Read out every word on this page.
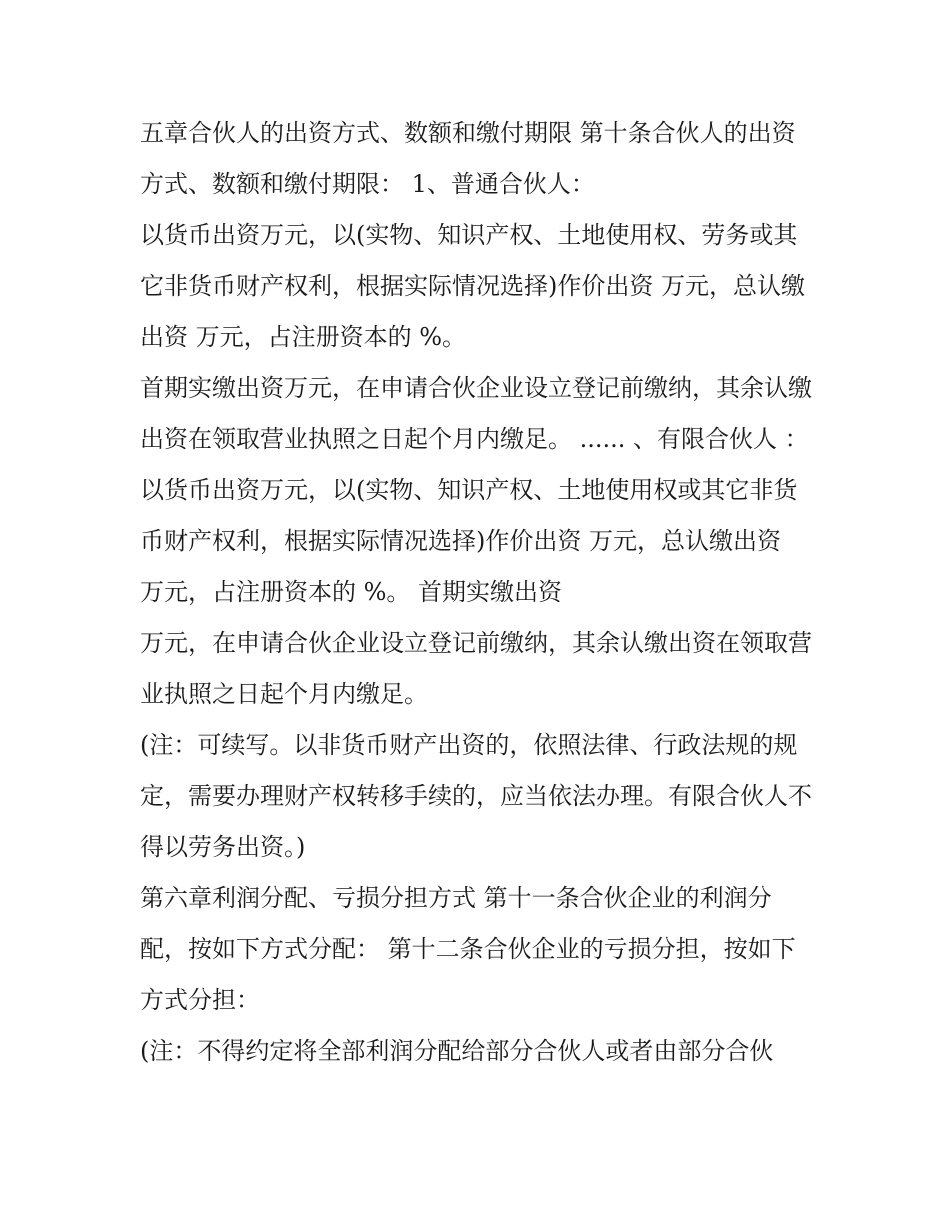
五章合伙人的出资方式、数额和缴付期限 第十条合伙人的出资方式、数额和缴付期限： 1、普通合伙人：

以货币出资万元，以(实物、知识产权、土地使用权、劳务或其它非货币财产权利，根据实际情况选择)作价出资 万元，总认缴出资 万元，占注册资本的 %。

首期实缴出资万元，在申请合伙企业设立登记前缴纳，其余认缴出资在领取营业执照之日起个月内缴足。 ...... 、有限合伙人 ：

以货币出资万元，以(实物、知识产权、土地使用权或其它非货币财产权利，根据实际情况选择)作价出资 万元，总认缴出资 万元，占注册资本的 %。 首期实缴出资

万元，在申请合伙企业设立登记前缴纳，其余认缴出资在领取营业执照之日起个月内缴足。

(注：可续写。以非货币财产出资的，依照法律、行政法规的规定，需要办理财产权转移手续的，应当依法办理。有限合伙人不得以劳务出资。)

第六章利润分配、亏损分担方式 第十一条合伙企业的利润分配，按如下方式分配： 第十二条合伙企业的亏损分担，按如下方式分担：

(注：不得约定将全部利润分配给部分合伙人或者由部分合伙
